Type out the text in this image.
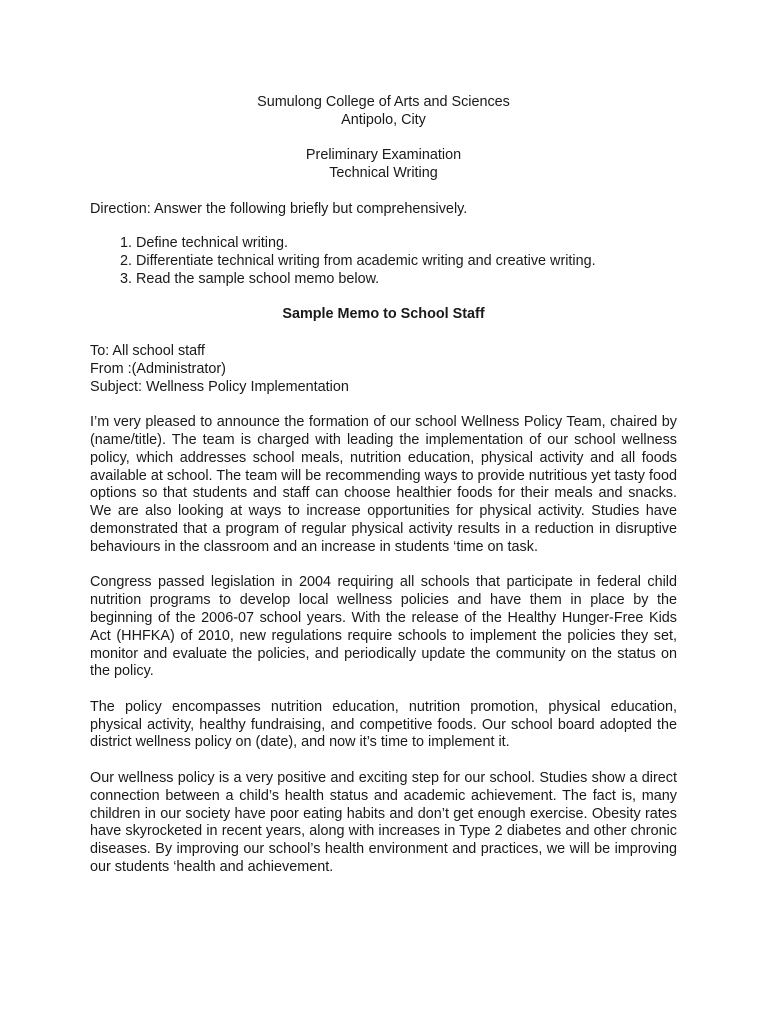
Sumulong College of Arts and Sciences
Antipolo, City
Preliminary Examination
Technical Writing

Direction: Answer the following briefly but comprehensively.

1. Define technical writing.
2. Differentiate technical writing from academic writing and creative writing.
3. Read the sample school memo below.

Sample Memo to School Staff

To: All school staff
From :(Administrator)
Subject: Wellness Policy Implementation

I’m very pleased to announce the formation of our school Wellness Policy Team, chaired by (name/title). The team is charged with leading the implementation of our school wellness policy, which addresses school meals, nutrition education, physical activity and all foods available at school. The team will be recommending ways to provide nutritious yet tasty food options so that students and staff can choose healthier foods for their meals and snacks. We are also looking at ways to increase opportunities for physical activity. Studies have demonstrated that a program of regular physical activity results in a reduction in disruptive behaviours in the classroom and an increase in students ‘time on task.

Congress passed legislation in 2004 requiring all schools that participate in federal child nutrition programs to develop local wellness policies and have them in place by the beginning of the 2006-07 school years. With the release of the Healthy Hunger-Free Kids Act (HHFKA) of 2010, new regulations require schools to implement the policies they set, monitor and evaluate the policies, and periodically update the community on the status on the policy.

The policy encompasses nutrition education, nutrition promotion, physical education, physical activity, healthy fundraising, and competitive foods. Our school board adopted the district wellness policy on (date), and now it’s time to implement it.

Our wellness policy is a very positive and exciting step for our school. Studies show a direct connection between a child’s health status and academic achievement. The fact is, many children in our society have poor eating habits and don’t get enough exercise. Obesity rates have skyrocketed in recent years, along with increases in Type 2 diabetes and other chronic diseases. By improving our school’s health environment and practices, we will be improving our students ‘health and achievement.
